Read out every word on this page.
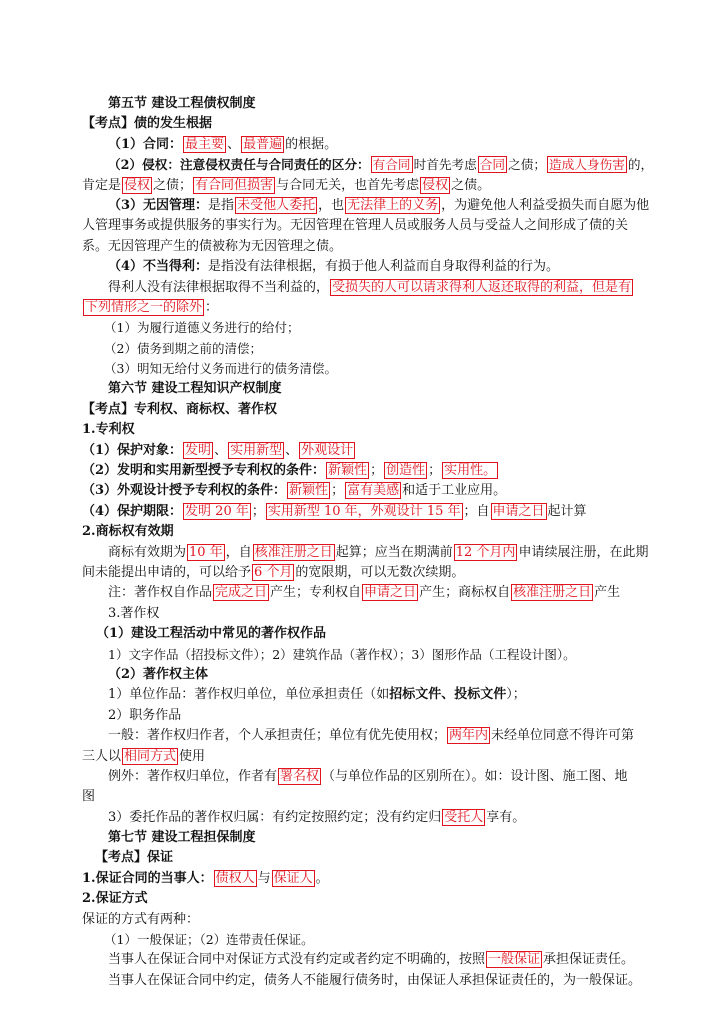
第五节 建设工程债权制度
【考点】债的发生根据
（1）合同： 最主要 、 最普遍 的根据。
（2）侵权：注意侵权责任与合同责任的区分： 有合同 时首先考虑 合同 之债； 造成人身伤害 的，
肯定是 侵权 之债； 有合同但损害 与合同无关，也首先考虑 侵权 之债。
（3）无因管理：是指 未受他人委托 ，也 无法律上的义务 ，为避免他人利益受损失而自愿为他
人管理事务或提供服务的事实行为。无因管理在管理人员或服务人员与受益人之间形成了债的关
系。无因管理产生的债被称为无因管理之债。
（4）不当得利：是指没有法律根据，有损于他人利益而自身取得利益的行为。
得利人没有法律根据取得不当利益的， 受损失的人可以请求得利人返还取得的利益，但是有
下列情形之一的除外 ：
（1）为履行道德义务进行的给付；
（2）债务到期之前的清偿；
（3）明知无给付义务而进行的债务清偿。
第六节 建设工程知识产权制度
【考点】专利权、商标权、著作权
1.专利权
（1）保护对象： 发明 、 实用新型 、 外观设计
（2）发明和实用新型授予专利权的条件： 新颖性 ； 创造性 ； 实用性。
（3）外观设计授予专利权的条件： 新颖性 ； 富有美感 和适于工业应用。
（4）保护期限： 发明 20 年 ； 实用新型 10 年，外观设计 15 年 ；自 申请之日 起计算
2.商标权有效期
商标有效期为 10 年 ，自 核准注册之日 起算；应当在期满前 12 个月内 申请续展注册，在此期
间未能提出申请的，可以给予 6 个月 的宽限期，可以无数次续期。
注：著作权自作品 完成之日 产生；专利权自 申请之日 产生；商标权自 核准注册之日 产生
3.著作权
（1）建设工程活动中常见的著作权作品
1）文字作品（招投标文件）；2）建筑作品（著作权）；3）图形作品（工程设计图）。
（2）著作权主体
1）单位作品：著作权归单位，单位承担责任（如招标文件、投标文件）；
2）职务作品
一般：著作权归作者，个人承担责任；单位有优先使用权； 两年内 未经单位同意不得许可第
三人以 相同方式 使用
例外：著作权归单位，作者有 署名权 （与单位作品的区别所在）。如：设计图、施工图、地
图
3）委托作品的著作权归属：有约定按照约定；没有约定归 受托人 享有。
第七节 建设工程担保制度
【考点】保证
1.保证合同的当事人： 债权人 与 保证人 。
2.保证方式
保证的方式有两种：
（1）一般保证；（2）连带责任保证。
当事人在保证合同中对保证方式没有约定或者约定不明确的，按照 一般保证 承担保证责任。
当事人在保证合同中约定，债务人不能履行债务时，由保证人承担保证责任的，为一般保证。
